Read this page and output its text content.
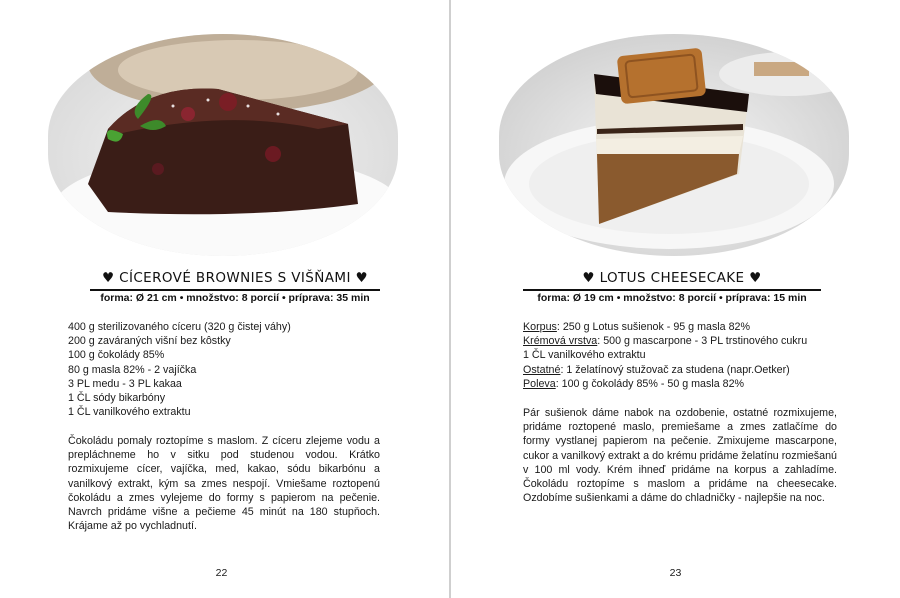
♥ CÍCEROVÉ BROWNIES S VIŠŇAMI ♥
forma: Ø 21 cm • množstvo: 8 porcií • príprava: 35 min
400 g sterilizovaného cíceru (320 g čistej váhy)
200 g zaváraných višní bez kôstky
100 g čokolády 85%
80 g masla 82% - 2 vajíčka
3 PL medu - 3 PL kakaa
1 ČL sódy bikarbóny
1 ČL vanilkového extraktu
Čokoládu pomaly roztopíme s maslom. Z cíceru zlejeme vodu a prepláchneme ho v sitku pod studenou vodou. Krátko rozmixujeme cícer, vajíčka, med, kakao, sódu bikarbónu a vanilkový extrakt, kým sa zmes nespojí. Vmiešame roztopenú čokoládu a zmes vylejeme do formy s papierom na pečenie. Navrch pridáme višne a pečieme 45 minút na 180 stupňoch. Krájame až po vychladnutí.
22
♥ LOTUS CHEESECAKE ♥
forma: Ø 19 cm • množstvo: 8 porcií • príprava: 15 min
Korpus: 250 g Lotus sušienok - 95 g masla 82%
Krémová vrstva: 500 g mascarpone - 3 PL trstinového cukru
1 ČL vanilkového extraktu
Ostatné: 1 želatínový stužovač za studena (napr.Oetker)
Poleva: 100 g čokolády 85% - 50 g masla 82%
Pár sušienok dáme nabok na ozdobenie, ostatné rozmixujeme, pridáme roztopené maslo, premiešame a zmes zatlačíme do formy vystlanej papierom na pečenie. Zmixujeme mascarpone, cukor a vanilkový extrakt a do krému pridáme želatínu rozmiešanú v 100 ml vody. Krém ihneď pridáme na korpus a zahladíme. Čokoládu roztopíme s maslom a pridáme na cheesecake. Ozdobíme sušienkami a dáme do chladničky - najlepšie na noc.
23
